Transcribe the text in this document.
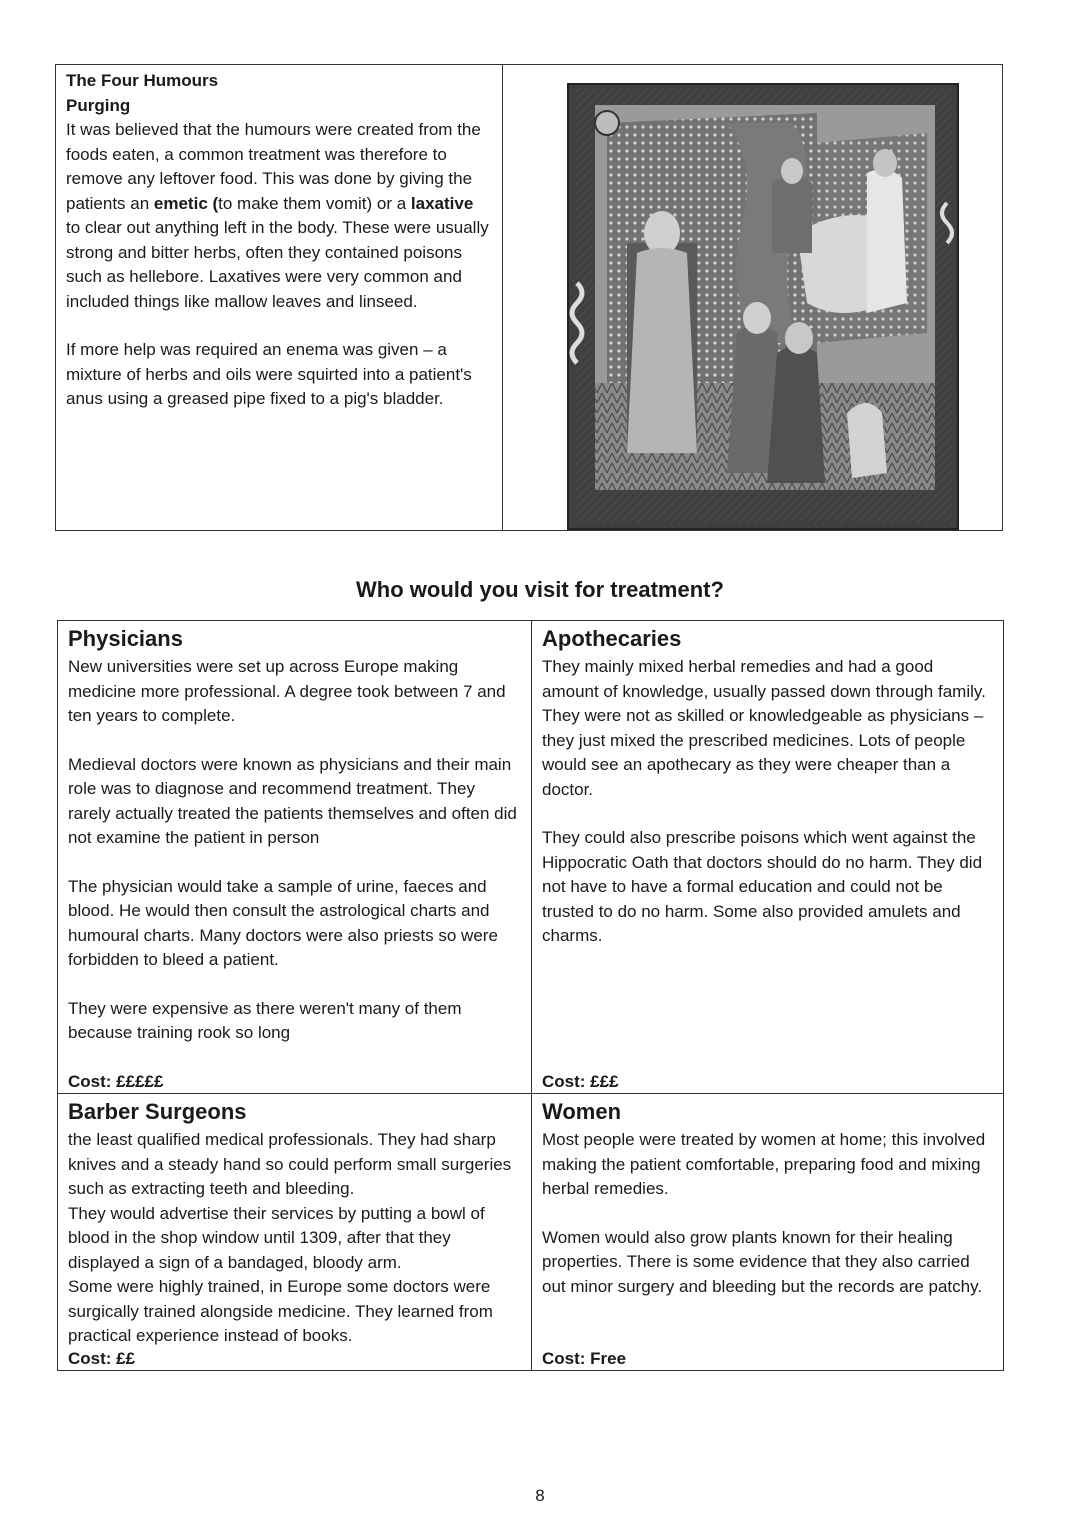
The Four Humours

Purging

It was believed that the humours were created from the foods eaten, a common treatment was therefore to remove any leftover food. This was done by giving the patients an emetic (to make them vomit) or a laxative to clear out anything left in the body. These were usually strong and bitter herbs, often they contained poisons such as hellebore. Laxatives were very common and included things like mallow leaves and linseed.

If more help was required an enema was given – a mixture of herbs and oils were squirted into a patient's anus using a greased pipe fixed to a pig's bladder.

Who would you visit for treatment?

Physicians

New universities were set up across Europe making medicine more professional. A degree took between 7 and ten years to complete.

Medieval doctors were known as physicians and their main role was to diagnose and recommend treatment. They rarely actually treated the patients themselves and often did not examine the patient in person

The physician would take a sample of urine, faeces and blood. He would then consult the astrological charts and humoural charts. Many doctors were also priests so were forbidden to bleed a patient.

They were expensive as there weren't many of them because training rook so long

Cost: £££££

Apothecaries

They mainly mixed herbal remedies and had a good amount of knowledge, usually passed down through family. They were not as skilled or knowledgeable as physicians – they just mixed the prescribed medicines. Lots of people would see an apothecary as they were cheaper than a doctor.

They could also prescribe poisons which went against the Hippocratic Oath that doctors should do no harm. They did not have to have a formal education and could not be trusted to do no harm. Some also provided amulets and charms.

Cost: £££

Barber Surgeons

the least qualified medical professionals. They had sharp knives and a steady hand so could perform small surgeries such as extracting teeth and bleeding.

They would advertise their services by putting a bowl of blood in the shop window until 1309, after that they displayed a sign of a bandaged, bloody arm.

Some were highly trained, in Europe some doctors were surgically trained alongside medicine. They learned from practical experience instead of books.

Cost: ££

Women

Most people were treated by women at home; this involved making the patient comfortable, preparing food and mixing herbal remedies.

Women would also grow plants known for their healing properties. There is some evidence that they also carried out minor surgery and bleeding but the records are patchy.

Cost: Free
8
